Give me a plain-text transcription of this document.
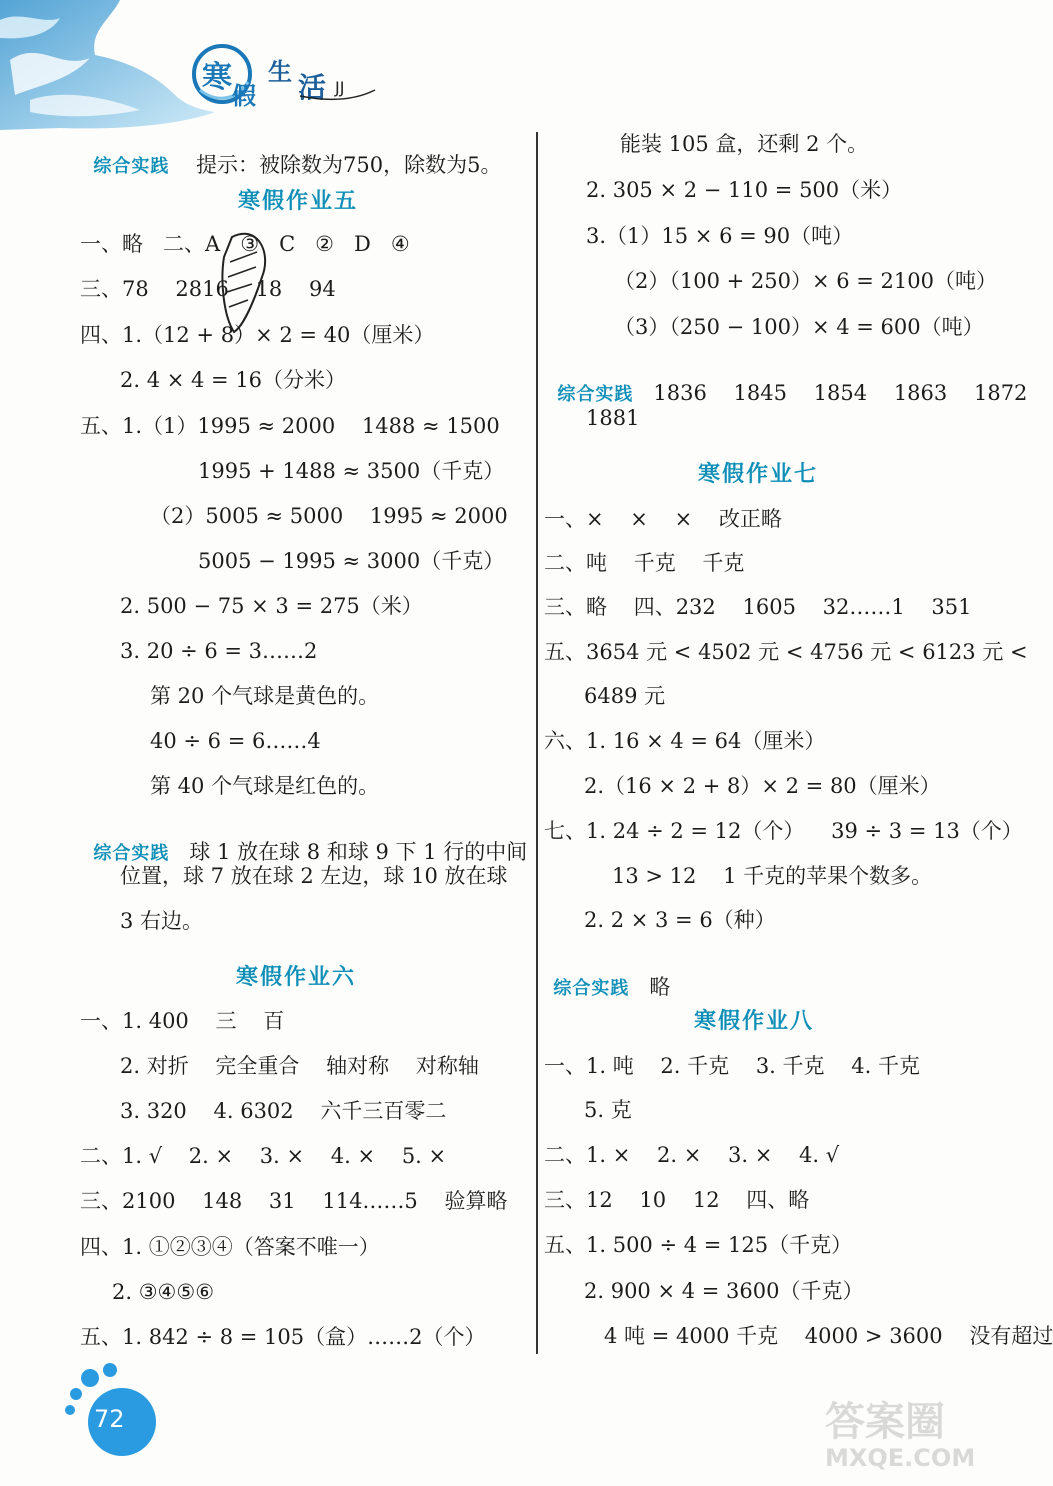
寒
假
生 活 JJ

综合实践 提示：被除数为750，除数为5。

寒假作业五
一、略   二、A   ③   C   ②   D   ④
三、78    2816    18    94
四、1.（12 + 8）× 2 = 40（厘米）
2. 4 × 4 = 16（分米）
五、1.（1）1995 ≈ 2000    1488 ≈ 1500
1995 + 1488 ≈ 3500（千克）
（2）5005 ≈ 5000    1995 ≈ 2000
5005 − 1995 ≈ 3000（千克）
2. 500 − 75 × 3 = 275（米）
3. 20 ÷ 6 = 3……2
第 20 个气球是黄色的。
40 ÷ 6 = 6……4
第 40 个气球是红色的。

综合实践 球 1 放在球 8 和球 9 下 1 行的中间

位置，球 7 放在球 2 左边，球 10 放在球
3 右边。
寒假作业六
一、1. 400    三    百
2. 对折    完全重合    轴对称    对称轴
3. 320    4. 6302    六千三百零二
二、1. √    2. ×    3. ×    4. ×    5. ×
三、2100    148    31    114……5    验算略
四、1. ①②③④（答案不唯一）
2. ③④⑤⑥
五、1. 842 ÷ 8 = 105（盒）……2（个）
能装 105 盒，还剩 2 个。
2. 305 × 2 − 110 = 500（米）
3.（1）15 × 6 = 90（吨）
（2）（100 + 250）× 6 = 2100（吨）
（3）（250 − 100）× 4 = 600（吨）

综合实践 1836    1845    1854    1863    1872

1881
寒假作业七
一、×    ×    ×    改正略
二、吨    千克    千克
三、略    四、232    1605    32……1    351
五、3654 元 < 4502 元 < 4756 元 < 6123 元 <
6489 元
六、1. 16 × 4 = 64（厘米）
2.（16 × 2 + 8）× 2 = 80（厘米）
七、1. 24 ÷ 2 = 12（个）    39 ÷ 3 = 13（个）
13 > 12    1 千克的苹果个数多。
2. 2 × 3 = 6（种）

综合实践 略

寒假作业八
一、1. 吨    2. 千克    3. 千克    4. 千克
5. 克
二、1. ×    2. ×    3. ×    4. √
三、12    10    12    四、略
五、1. 500 ÷ 4 = 125（千克）
2. 900 × 4 = 3600（千克）
4 吨 = 4000 千克    4000 > 3600    没有超过
72	答案圈
MXQE.COM
